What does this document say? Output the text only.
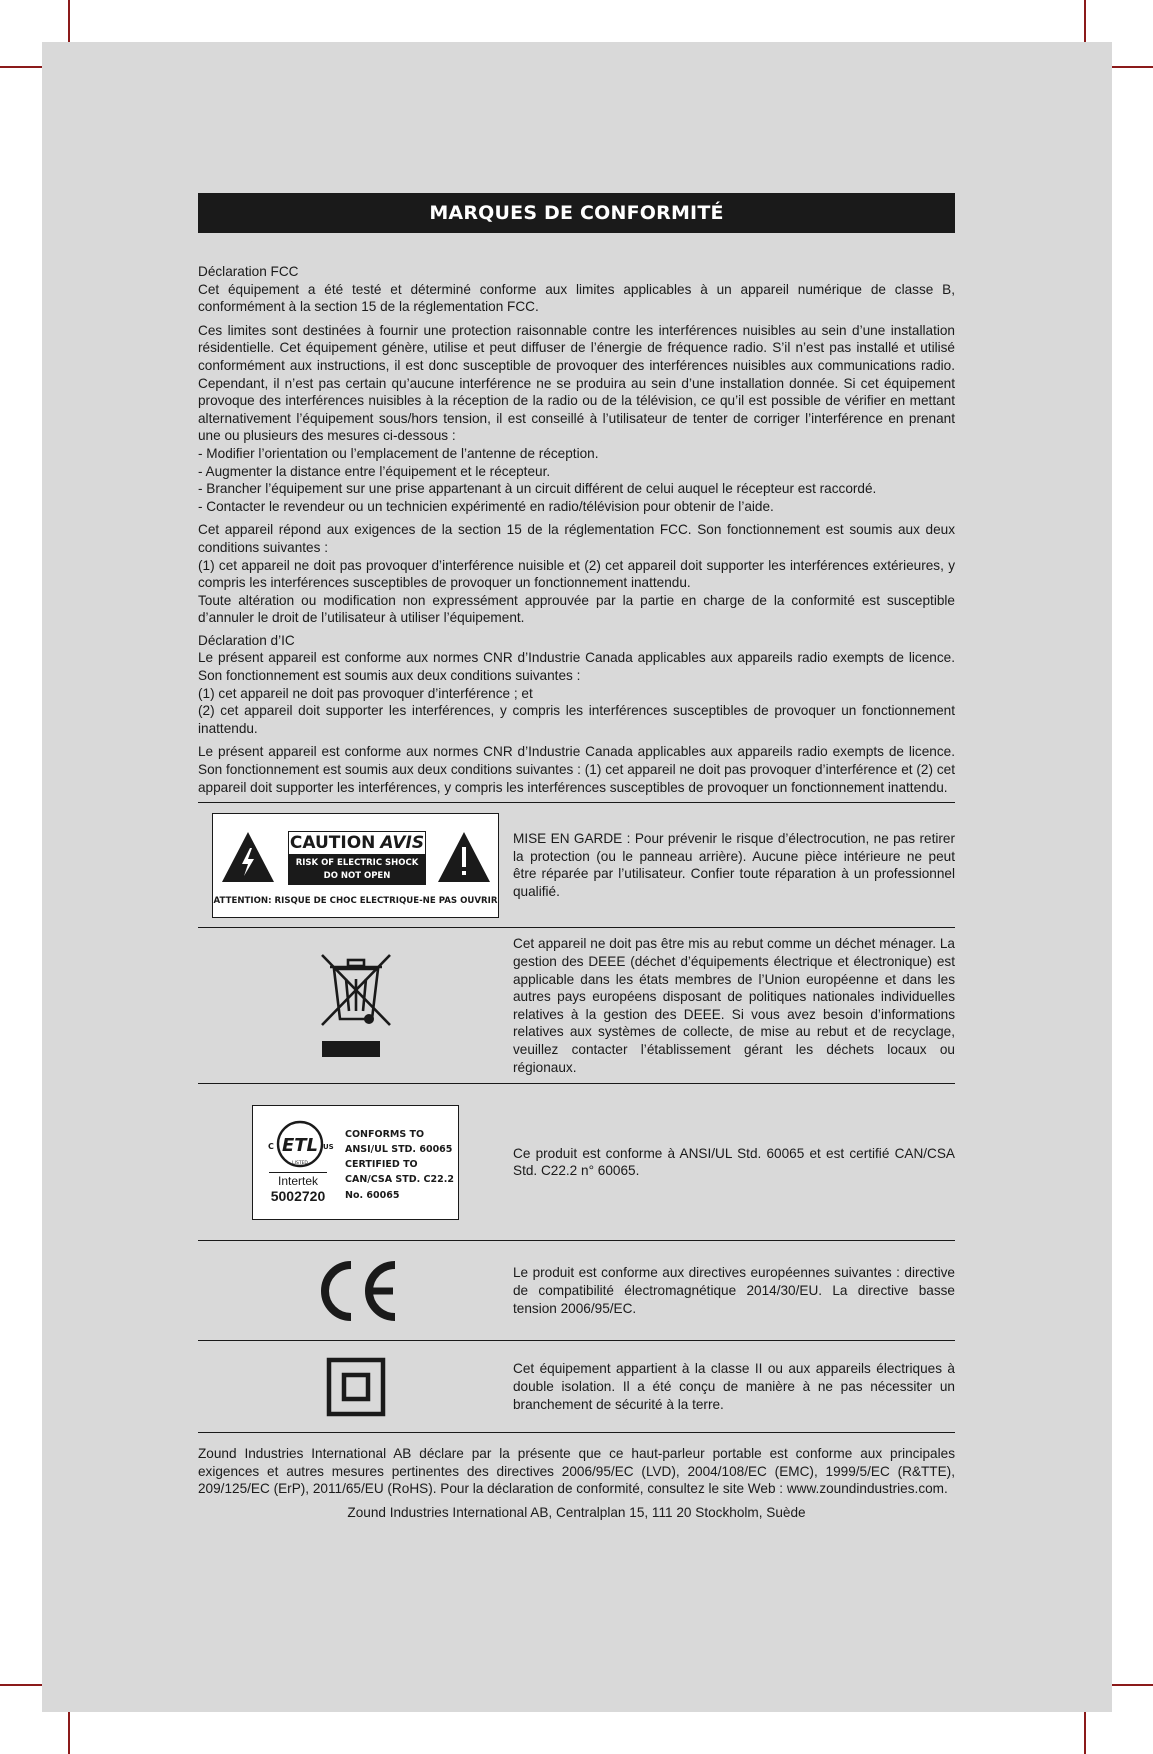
MARQUES DE CONFORMITÉ

Déclaration FCC

Cet équipement a été testé et déterminé conforme aux limites applicables à un appareil numérique de classe B, conformément à la section 15 de la réglementation FCC.

Ces limites sont destinées à fournir une protection raisonnable contre les interférences nuisibles au sein d’une installation résidentielle. Cet équipement génère, utilise et peut diffuser de l’énergie de fréquence radio. S’il n’est pas installé et utilisé conformément aux instructions, il est donc susceptible de provoquer des interférences nuisibles aux communications radio. Cependant, il n’est pas certain qu’aucune interférence ne se produira au sein d’une installation donnée. Si cet équipement provoque des interférences nuisibles à la réception de la radio ou de la télévision, ce qu’il est possible de vérifier en mettant alternativement l’équipement sous/hors tension, il est conseillé à l’utilisateur de tenter de corriger l’interférence en prenant une ou plusieurs des mesures ci-dessous :

- Modifier l’orientation ou l’emplacement de l’antenne de réception.

- Augmenter la distance entre l’équipement et le récepteur.

- Brancher l’équipement sur une prise appartenant à un circuit différent de celui auquel le récepteur est raccordé.

- Contacter le revendeur ou un technicien expérimenté en radio/télévision pour obtenir de l’aide.

Cet appareil répond aux exigences de la section 15 de la réglementation FCC. Son fonctionnement est soumis aux deux conditions suivantes :

(1) cet appareil ne doit pas provoquer d’interférence nuisible et (2) cet appareil doit supporter les interférences extérieures, y compris les interférences susceptibles de provoquer un fonctionnement inattendu.

Toute altération ou modification non expressément approuvée par la partie en charge de la conformité est susceptible d’annuler le droit de l’utilisateur à utiliser l’équipement.

Déclaration d’IC

Le présent appareil est conforme aux normes CNR d’Industrie Canada applicables aux appareils radio exempts de licence. Son fonctionnement est soumis aux deux conditions suivantes :

(1) cet appareil ne doit pas provoquer d’interférence ; et

(2) cet appareil doit supporter les interférences, y compris les interférences susceptibles de provoquer un fonctionnement inattendu.

Le présent appareil est conforme aux normes CNR d’Industrie Canada applicables aux appareils radio exempts de licence. Son fonctionnement est soumis aux deux conditions suivantes : (1) cet appareil ne doit pas provoquer d’interférence et (2) cet appareil doit supporter les interférences, y compris les interférences susceptibles de provoquer un fonctionnement inattendu.

CAUTION AVIS
RISK OF ELECTRIC SHOCK
DO NOT OPEN
ATTENTION: RISQUE DE CHOC ELECTRIQUE-NE PAS OUVRIR
MISE EN GARDE : Pour prévenir le risque d’électrocution, ne pas retirer la protection (ou le panneau arrière). Aucune pièce intérieure ne peut être réparée par l’utilisateur. Confier toute réparation à un professionnel qualifié.
Cet appareil ne doit pas être mis au rebut comme un déchet ménager. La gestion des DEEE (déchet d’équipements électrique et électronique) est applicable dans les états membres de l’Union européenne et dans les autres pays européens disposant de politiques nationales individuelles relatives à la gestion des DEEE. Si vous avez besoin d’informations relatives aux systèmes de collecte, de mise au rebut et de recyclage, veuillez contacter l’établissement gérant les déchets locaux ou régionaux.
ETL
C	US
LISTED
Intertek
5002720
CONFORMS TO
ANSI/UL STD. 60065
CERTIFIED TO
CAN/CSA STD. C22.2
No. 60065
Ce produit est conforme à ANSI/UL Std. 60065 et est certifié CAN/CSA Std. C22.2 n° 60065.
Le produit est conforme aux directives européennes suivantes : directive de compatibilité électromagnétique 2014/30/EU. La directive basse tension 2006/95/EC.
Cet équipement appartient à la classe II ou aux appareils électriques à double isolation. Il a été conçu de manière à ne pas nécessiter un branchement de sécurité à la terre.
Zound Industries International AB déclare par la présente que ce haut-parleur portable est conforme aux principales exigences et autres mesures pertinentes des directives 2006/95/EC (LVD), 2004/108/EC (EMC), 1999/5/EC (R&TTE), 209/125/EC (ErP), 2011/65/EU (RoHS). Pour la déclaration de conformité, consultez le site Web : www.zoundindustries.com.
Zound Industries International AB, Centralplan 15, 111 20 Stockholm, Suède
